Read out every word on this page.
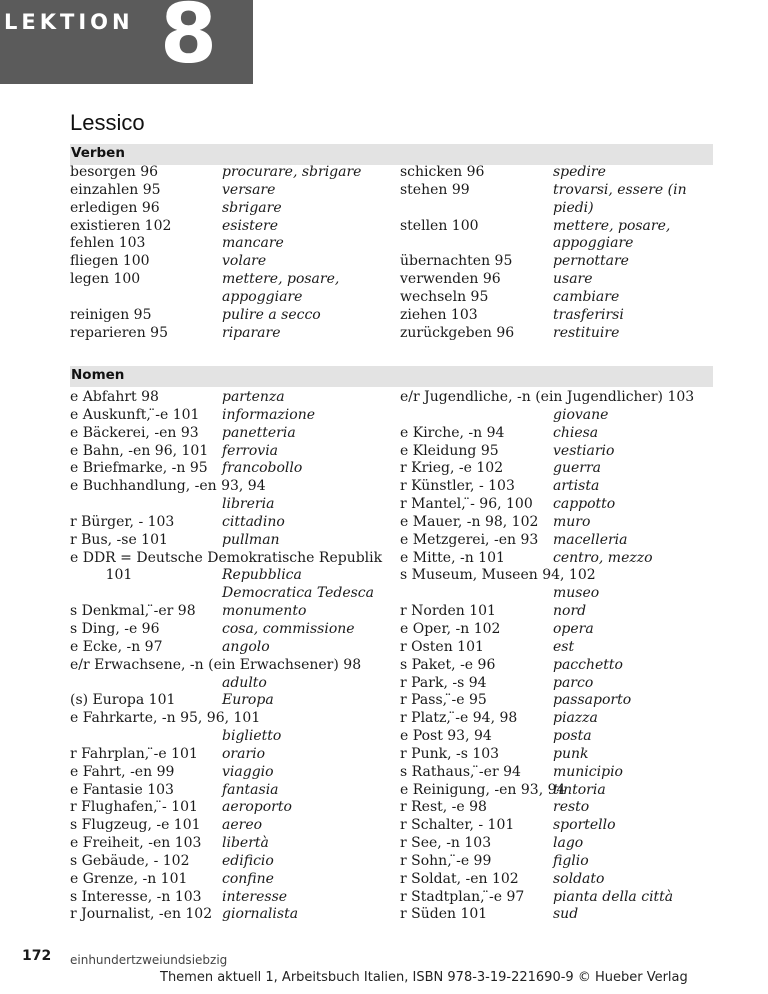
LEKTION 8
Lessico
Verben
besorgen 96	procurare, sbrigare
einzahlen 95	versare
erledigen 96	sbrigare
existieren 102	esistere
fehlen 103	mancare
fliegen 100	volare
legen 100	mettere, posare,
appoggiare
reinigen 95	pulire a secco
reparieren 95	riparare
schicken 96	spedire
stehen 99	trovarsi, essere (in
piedi)
stellen 100	mettere, posare,
appoggiare
übernachten 95	pernottare
verwenden 96	usare
wechseln 95	cambiare
ziehen 103	trasferirsi
zurückgeben 96	restituire
Nomen
e Abfahrt 98	partenza
e Auskunft, ̈-e 101 informazione
e Bäckerei, -en 93 panetteria
e Bahn, -en 96, 101 ferrovia
e Briefmarke, -n 95 francobollo
e Buchhandlung, -en 93, 94
libreria
r Bürger, - 103	cittadino
r Bus, -se 101	pullman
e DDR = Deutsche Demokratische Republik
101	Repubblica
Democratica Tedesca
s Denkmal, ̈-er 98 monumento
s Ding, -e 96	cosa, commissione
e Ecke, -n 97	angolo
e/r Erwachsene, -n (ein Erwachsener) 98
adulto
(s) Europa 101	Europa
e Fahrkarte, -n 95, 96, 101
biglietto
r Fahrplan, ̈-e 101 orario
e Fahrt, -en 99	viaggio
e Fantasie 103	fantasia
r Flughafen, ̈- 101 aeroporto
s Flugzeug, -e 101 aereo
e Freiheit, -en 103 libertà
s Gebäude, - 102 edificio
e Grenze, -n 101 confine
s Interesse, -n 103 interesse
r Journalist, -en 102 giornalista
e/r Jugendliche, -n (ein Jugendlicher) 103
giovane
e Kirche, -n 94	chiesa
e Kleidung 95	vestiario
r Krieg, -e 102	guerra
r Künstler, - 103	artista
r Mantel, ̈- 96, 100 cappotto
e Mauer, -n 98, 102 muro
e Metzgerei, -en 93 macelleria
e Mitte, -n 101	centro, mezzo
s Museum, Museen 94, 102
museo
r Norden 101	nord
e Oper, -n 102	opera
r Osten 101	est
s Paket, -e 96	pacchetto
r Park, -s 94	parco
r Pass, ̈-e 95	passaporto
r Platz, ̈-e 94, 98	piazza
e Post 93, 94	posta
r Punk, -s 103	punk
s Rathaus, ̈-er 94 municipio
e Reinigung, -en 93, 94
tintoria
r Rest, -e 98	resto
r Schalter, - 101	sportello
r See, -n 103	lago
r Sohn, ̈-e 99	figlio
r Soldat, -en 102 soldato
r Stadtplan, ̈-e 97 pianta della città
r Süden 101	sud
172 einhundertzweiundsiebzig
Themen aktuell 1, Arbeitsbuch Italien, ISBN 978-3-19-221690-9 © Hueber Verlag
